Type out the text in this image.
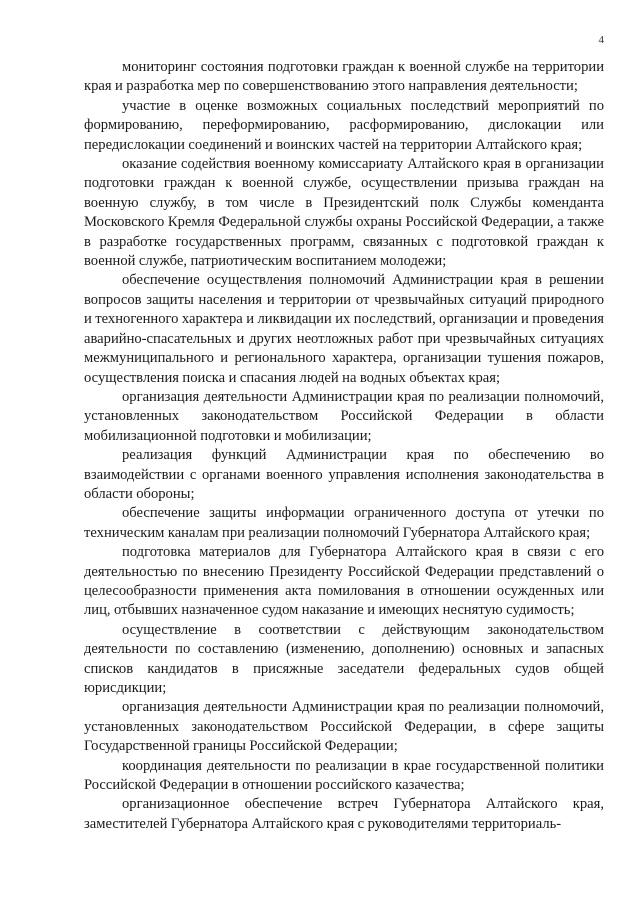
4

мониторинг состояния подготовки граждан к военной службе на территории края и разработка мер по совершенствованию этого направления деятельности;

участие в оценке возможных социальных последствий мероприятий по формированию, переформированию, расформированию, дислокации или передислокации соединений и воинских частей на территории Алтайского края;

оказание содействия военному комиссариату Алтайского края в организации подготовки граждан к военной службе, осуществлении призыва граждан на военную службу, в том числе в Президентский полк Службы коменданта Московского Кремля Федеральной службы охраны Российской Федерации, а также в разработке государственных программ, связанных с подготовкой граждан к военной службе, патриотическим воспитанием молодежи;

обеспечение осуществления полномочий Администрации края в решении вопросов защиты населения и территории от чрезвычайных ситуаций природного и техногенного характера и ликвидации их последствий, организации и проведения аварийно-спасательных и других неотложных работ при чрезвычайных ситуациях межмуниципального и регионального характера, организации тушения пожаров, осуществления поиска и спасания людей на водных объектах края;

организация деятельности Администрации края по реализации полномочий, установленных законодательством Российской Федерации в области мобилизационной подготовки и мобилизации;

реализация функций Администрации края по обеспечению во взаимодействии с органами военного управления исполнения законодательства в области обороны;

обеспечение защиты информации ограниченного доступа от утечки по техническим каналам при реализации полномочий Губернатора Алтайского края;

подготовка материалов для Губернатора Алтайского края в связи с его деятельностью по внесению Президенту Российской Федерации представлений о целесообразности применения акта помилования в отношении осужденных или лиц, отбывших назначенное судом наказание и имеющих неснятую судимость;

осуществление в соответствии с действующим законодательством деятельности по составлению (изменению, дополнению) основных и запасных списков кандидатов в присяжные заседатели федеральных судов общей юрисдикции;

организация деятельности Администрации края по реализации полномочий, установленных законодательством Российской Федерации, в сфере защиты Государственной границы Российской Федерации;

координация деятельности по реализации в крае государственной политики Российской Федерации в отношении российского казачества;

организационное обеспечение встреч Губернатора Алтайского края, заместителей Губернатора Алтайского края с руководителями территориаль-
